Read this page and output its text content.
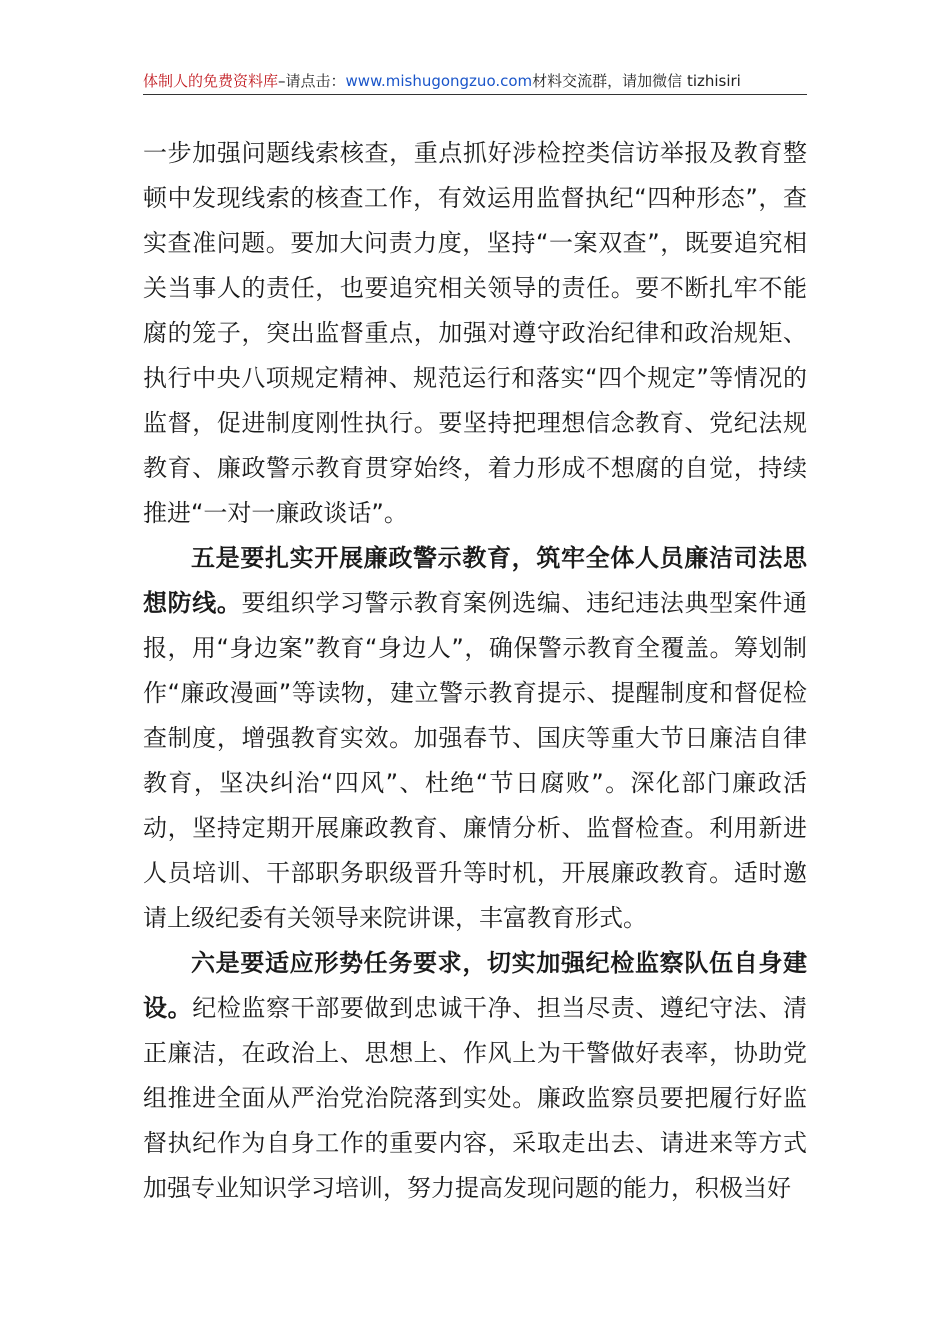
体制人的免费资料库–请点击：www.mishugongzuo.com材料交流群，请加微信 tizhisiri

一步加强问题线索核查，重点抓好涉检控类信访举报及教育整顿中发现线索的核查工作，有效运用监督执纪“四种形态”，查实查准问题。要加大问责力度，坚持“一案双查”，既要追究相关当事人的责任，也要追究相关领导的责任。要不断扎牢不能腐的笼子，突出监督重点，加强对遵守政治纪律和政治规矩、执行中央八项规定精神、规范运行和落实“四个规定”等情况的监督，促进制度刚性执行。要坚持把理想信念教育、党纪法规教育、廉政警示教育贯穿始终，着力形成不想腐的自觉，持续推进“一对一廉政谈话”。

五是要扎实开展廉政警示教育，筑牢全体人员廉洁司法思想防线。要组织学习警示教育案例选编、违纪违法典型案件通报，用“身边案”教育“身边人”，确保警示教育全覆盖。筹划制作“廉政漫画”等读物，建立警示教育提示、提醒制度和督促检查制度，增强教育实效。加强春节、国庆等重大节日廉洁自律教育，坚决纠治“四风”、杜绝“节日腐败”。深化部门廉政活动，坚持定期开展廉政教育、廉情分析、监督检查。利用新进人员培训、干部职务职级晋升等时机，开展廉政教育。适时邀请上级纪委有关领导来院讲课，丰富教育形式。

六是要适应形势任务要求，切实加强纪检监察队伍自身建设。纪检监察干部要做到忠诚干净、担当尽责、遵纪守法、清正廉洁，在政治上、思想上、作风上为干警做好表率，协助党组推进全面从严治党治院落到实处。廉政监察员要把履行好监督执纪作为自身工作的重要内容，采取走出去、请进来等方式加强专业知识学习培训，努力提高发现问题的能力，积极当好
